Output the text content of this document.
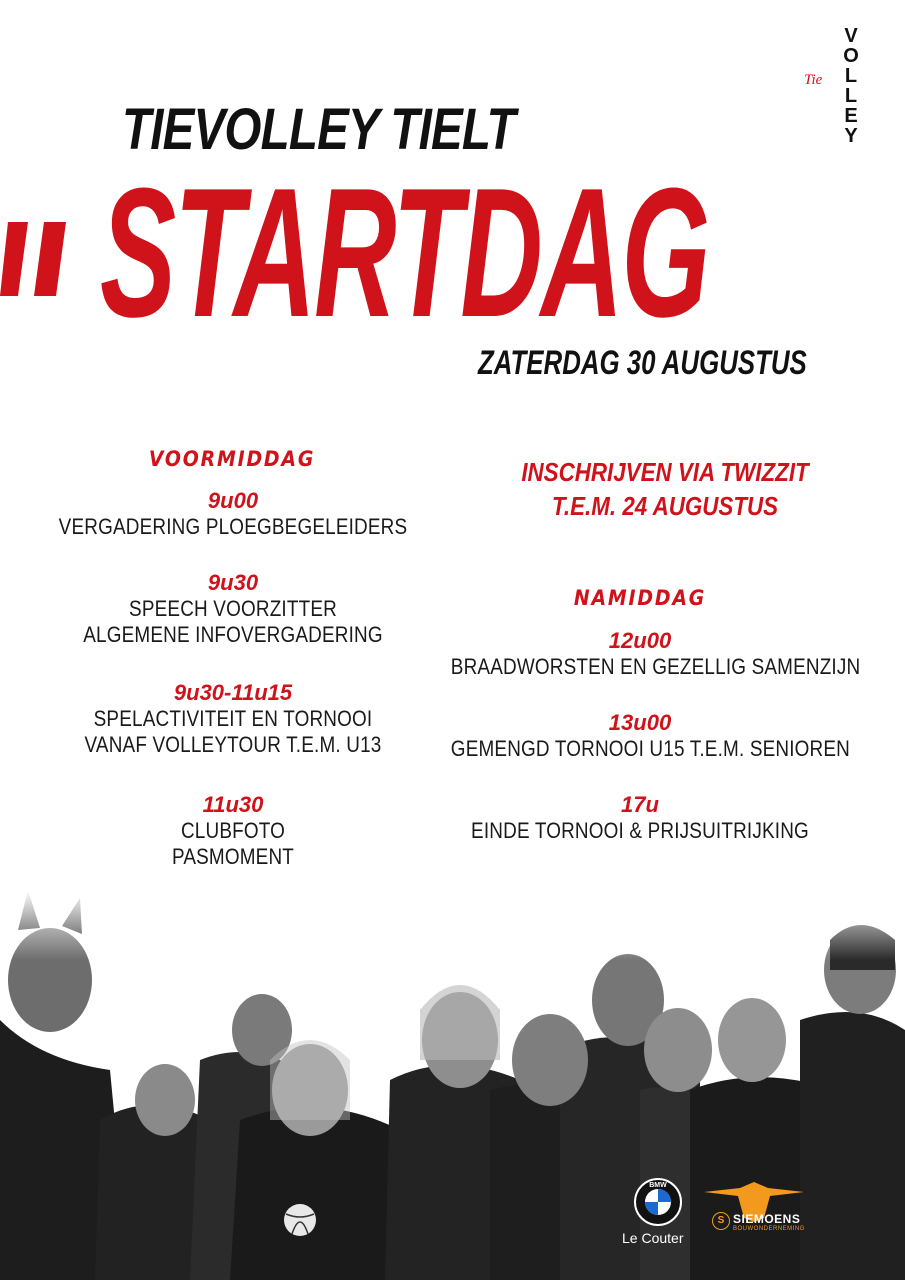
V
O
L
L
E
Y
Tie
TIEVOLLEY TIELT
STARTDAG
ZATERDAG 30 AUGUSTUS
VOORMIDDAG
9u00
VERGADERING PLOEGBEGELEIDERS
9u30
SPEECH VOORZITTER
ALGEMENE INFOVERGADERING
9u30-11u15
SPELACTIVITEIT EN TORNOOI
VANAF VOLLEYTOUR T.E.M. U13
11u30
CLUBFOTO
PASMOMENT
INSCHRIJVEN VIA TWIZZIT
T.E.M. 24 AUGUSTUS
NAMIDDAG
12u00
BRAADWORSTEN EN GEZELLIG SAMENZIJN
13u00
GEMENGD TORNOOI U15 T.E.M. SENIOREN
17u
EINDE TORNOOI & PRIJSUITRIJKING
BMW
Le Couter
S SIEMOENS
BOUWONDERNEMING
